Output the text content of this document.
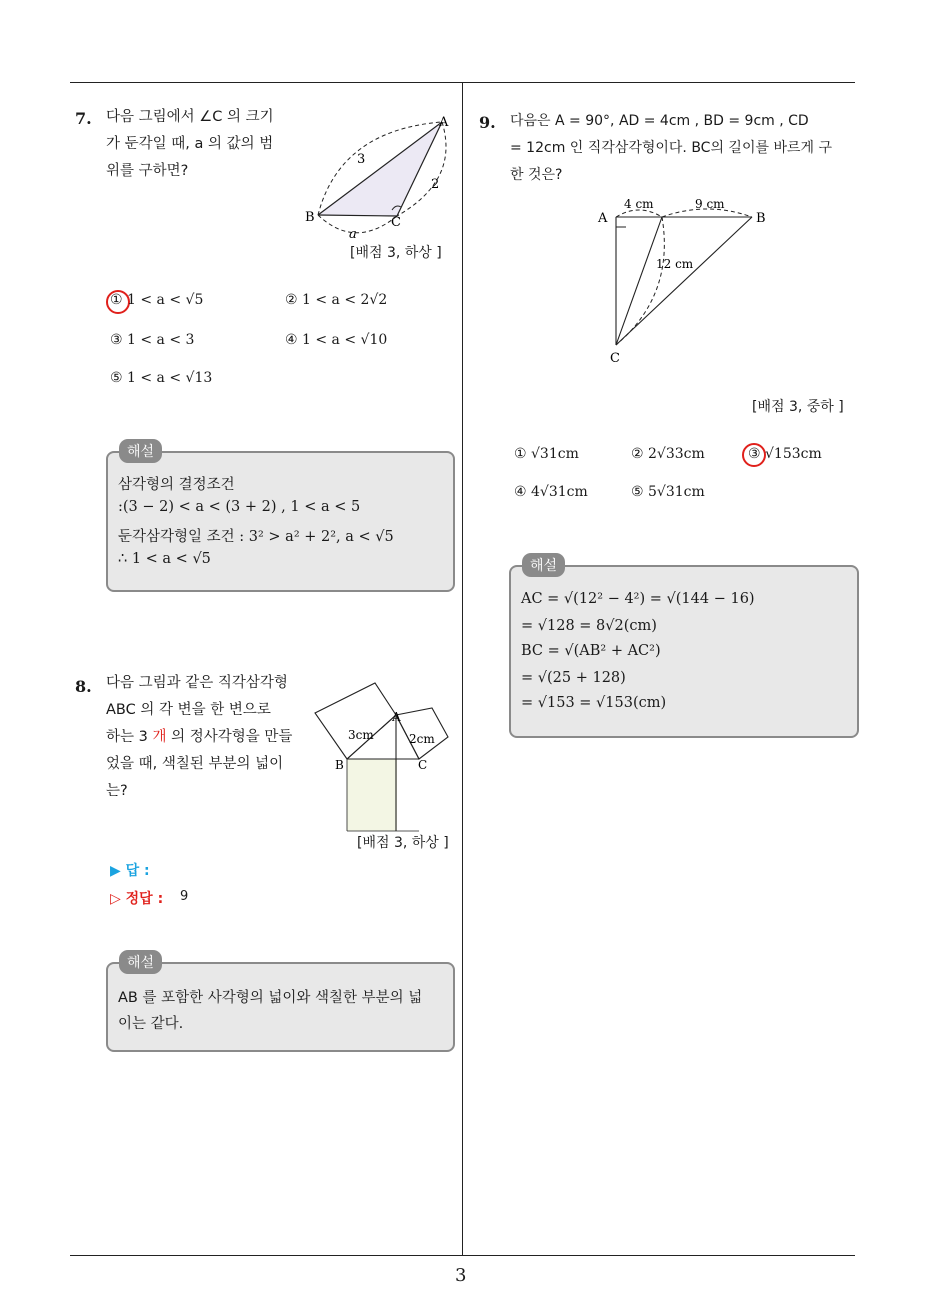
3
7. 다음 그림에서 ∠C 의 크기
가 둔각일 때, a 의 값의 범
위를 구하면?
A
B	C
3
2
a
[배점 3, 하상 ]
① 1 < a < √5	② 1 < a < 2√2
③ 1 < a < 3	④ 1 < a < √10
⑤ 1 < a < √13
해설
삼각형의 결정조건
:(3 − 2) < a < (3 + 2) , 1 < a < 5
둔각삼각형일 조건 : 3² > a² + 2², a < √5
∴ 1 < a < √5
8. 다음 그림과 같은 직각삼각형
ABC 의 각 변을 한 변으로
하는 3 개 의 정사각형을 만들
었을 때, 색칠된 부분의 넓이
는?
A
B	C
3cm	2cm
[배점 3, 하상 ]
▶ 답 :
▷ 정답 : 9
해설
AB 를 포함한 사각형의 넓이와 색칠한 부분의 넓
이는 같다.
9. 다음은 A = 90°, AD = 4cm , BD = 9cm , CD
= 12cm 인 직각삼각형이다. BC의 길이를 바르게 구
한 것은?
A	B
C
4 cm	9 cm
12 cm
[배점 3, 중하 ]
① √31cm	② 2√33cm	③ √153cm
④ 4√31cm	⑤ 5√31cm
해설
AC = √(12² − 4²) = √(144 − 16)
= √128 = 8√2(cm)
BC = √(AB² + AC²)
= √(25 + 128)
= √153 = √153(cm)
